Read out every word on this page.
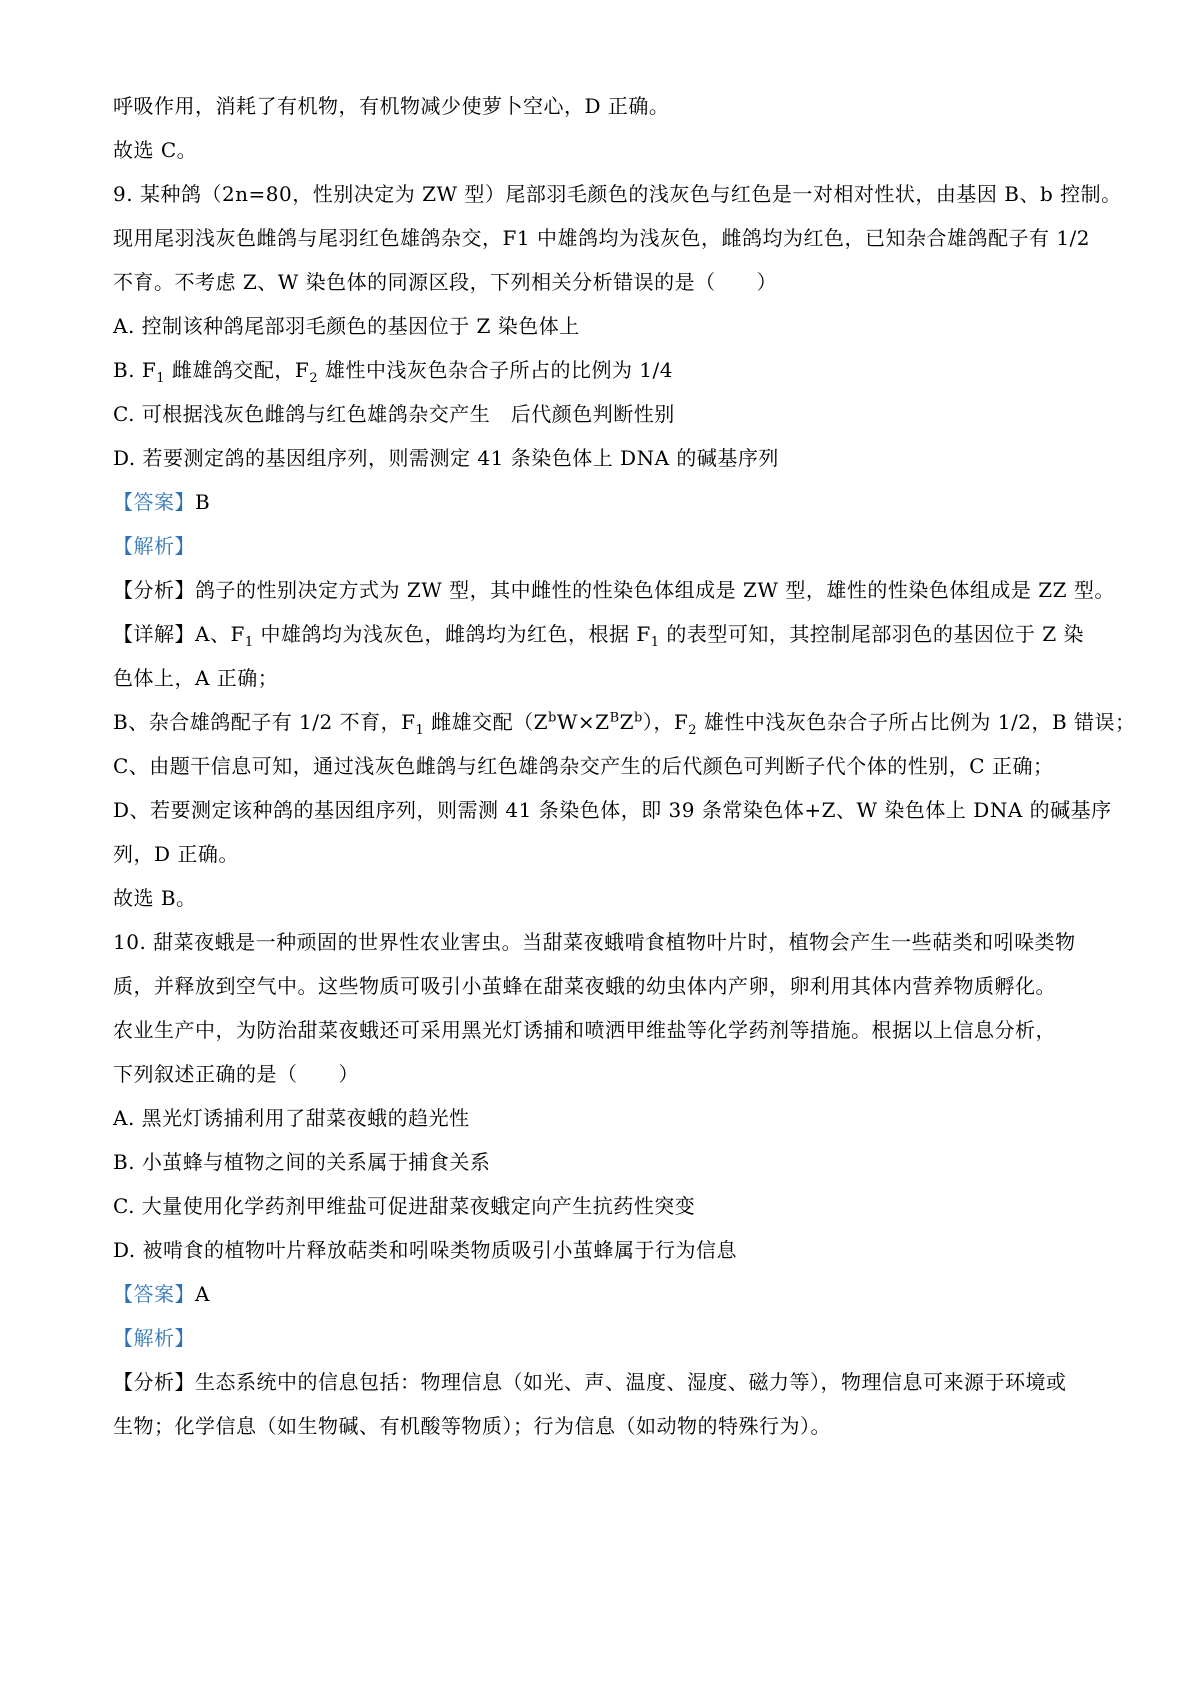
呼吸作用，消耗了有机物，有机物减少使萝卜空心，D 正确。
故选 C。
9. 某种鸽（2n=80，性别决定为 ZW 型）尾部羽毛颜色的浅灰色与红色是一对相对性状，由基因 B、b 控制。
现用尾羽浅灰色雌鸽与尾羽红色雄鸽杂交，F1 中雄鸽均为浅灰色，雌鸽均为红色，已知杂合雄鸽配子有 1/2
不育。不考虑 Z、W 染色体的同源区段，下列相关分析错误的是（　　）
A. 控制该种鸽尾部羽毛颜色的基因位于 Z 染色体上
B. $F_1$ 雌雄鸽交配，$F_2$ 雄性中浅灰色杂合子所占的比例为 1/4
C. 可根据浅灰色雌鸽与红色雄鸽杂交产生　后代颜色判断性别
D. 若要测定鸽的基因组序列，则需测定 41 条染色体上 DNA 的碱基序列
【答案】B
【解析】
【分析】鸽子的性别决定方式为 ZW 型，其中雌性的性染色体组成是 ZW 型，雄性的性染色体组成是 ZZ 型。
【详解】A、$F_1$ 中雄鸽均为浅灰色，雌鸽均为红色，根据 $F_1$ 的表型可知，其控制尾部羽色的基因位于 Z 染
色体上，A 正确；
B、杂合雄鸽配子有 1/2 不育，$F_1$ 雌雄交配$(Z^bW\times Z^BZ^b)$，$F_2$ 雄性中浅灰色杂合子所占比例为 1/2，B 错误；
C、由题干信息可知，通过浅灰色雌鸽与红色雄鸽杂交产生的后代颜色可判断子代个体的性别，C 正确；
D、若要测定该种鸽的基因组序列，则需测 41 条染色体，即 39 条常染色体+Z、W 染色体上 DNA 的碱基序
列，D 正确。
故选 B。
10. 甜菜夜蛾是一种顽固的世界性农业害虫。当甜菜夜蛾啃食植物叶片时，植物会产生一些萜类和吲哚类物
质，并释放到空气中。这些物质可吸引小茧蜂在甜菜夜蛾的幼虫体内产卵，卵利用其体内营养物质孵化。
农业生产中，为防治甜菜夜蛾还可采用黑光灯诱捕和喷洒甲维盐等化学药剂等措施。根据以上信息分析，
下列叙述正确的是（　　）
A. 黑光灯诱捕利用了甜菜夜蛾的趋光性
B. 小茧蜂与植物之间的关系属于捕食关系
C. 大量使用化学药剂甲维盐可促进甜菜夜蛾定向产生抗药性突变
D. 被啃食的植物叶片释放萜类和吲哚类物质吸引小茧蜂属于行为信息
【答案】A
【解析】
【分析】生态系统中的信息包括：物理信息（如光、声、温度、湿度、磁力等），物理信息可来源于环境或
生物；化学信息（如生物碱、有机酸等物质）；行为信息（如动物的特殊行为）。
